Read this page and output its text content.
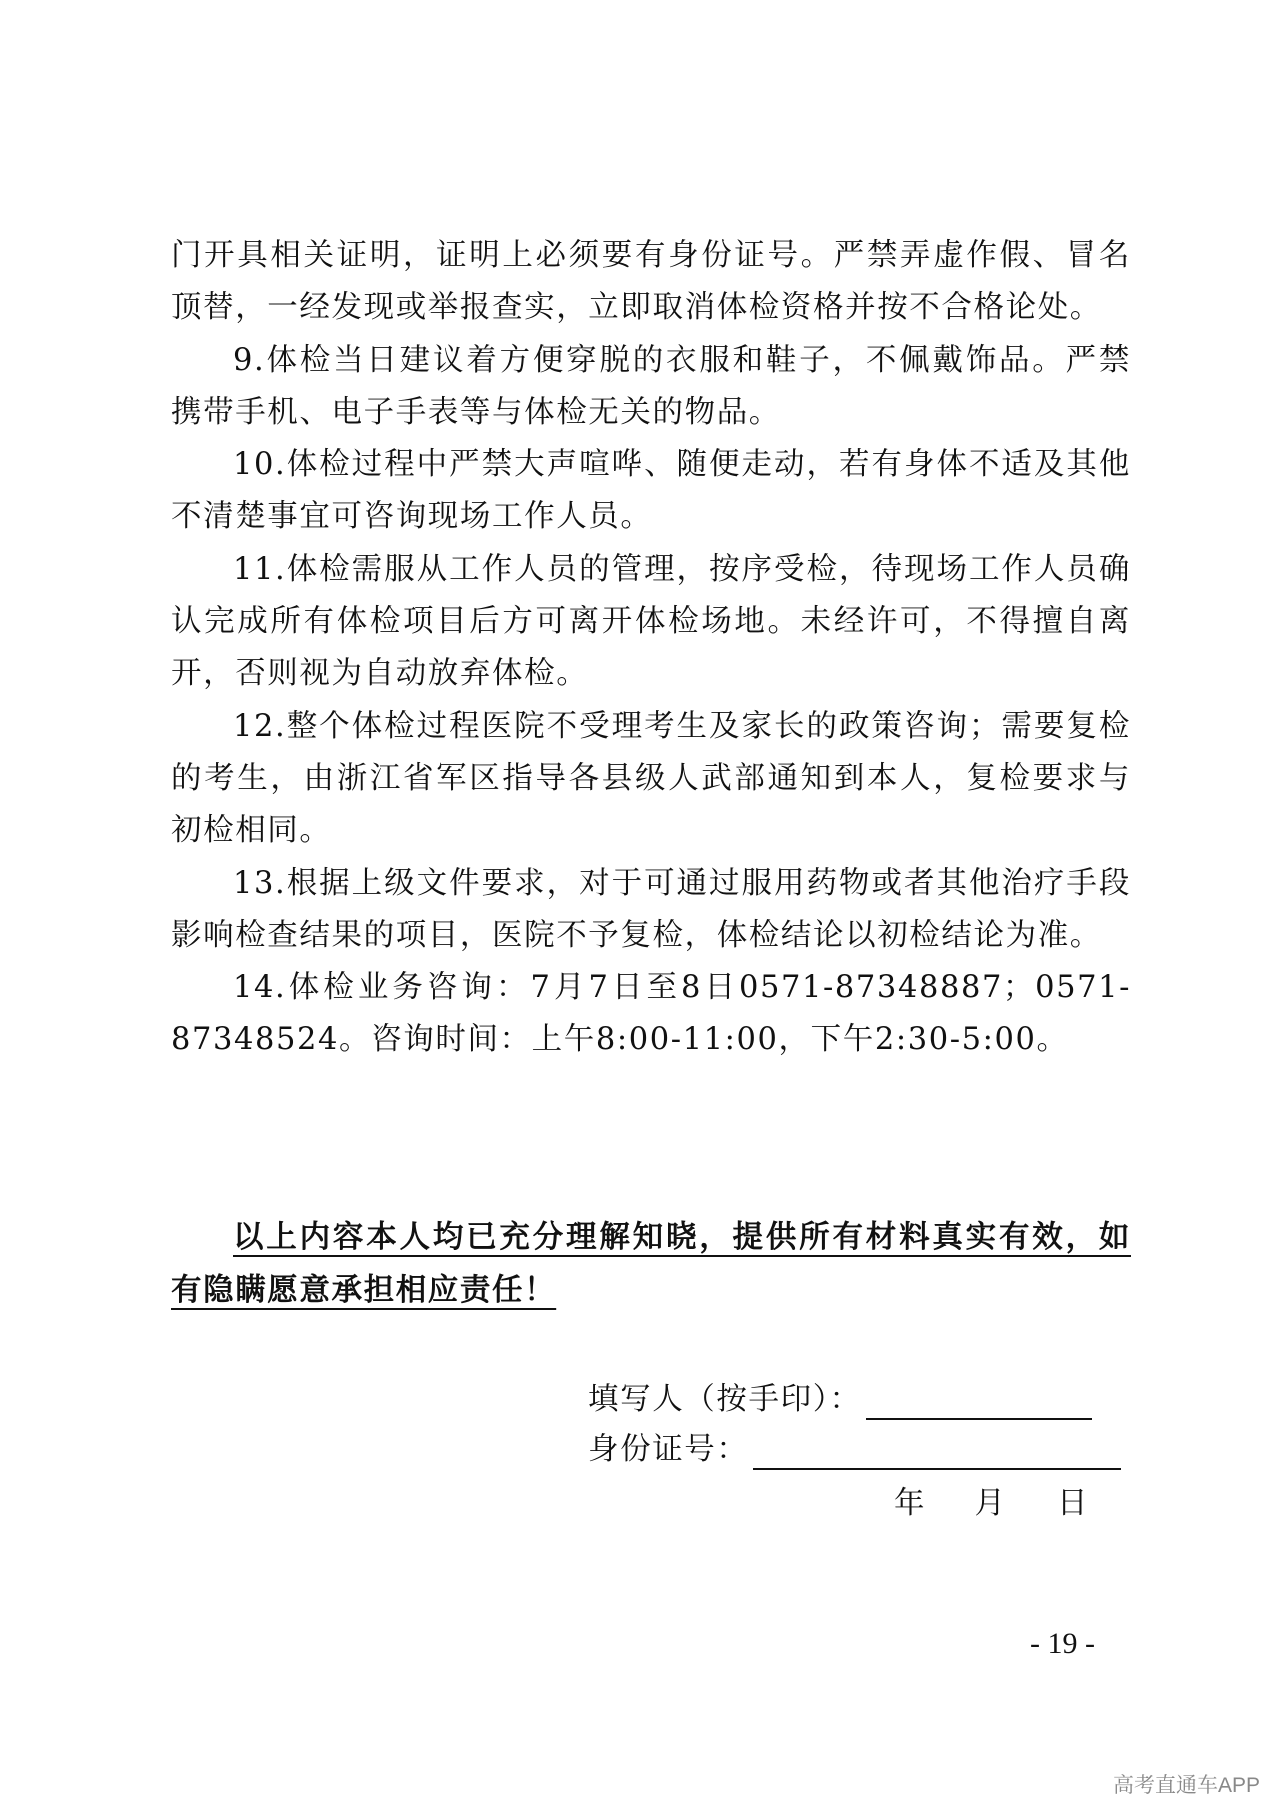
门开具相关证明，证明上必须要有身份证号。严禁弄虚作假、冒名顶替，一经发现或举报查实，立即取消体检资格并按不合格论处。

9.体检当日建议着方便穿脱的衣服和鞋子，不佩戴饰品。严禁携带手机、电子手表等与体检无关的物品。

10.体检过程中严禁大声喧哗、随便走动，若有身体不适及其他不清楚事宜可咨询现场工作人员。

11.体检需服从工作人员的管理，按序受检，待现场工作人员确认完成所有体检项目后方可离开体检场地。未经许可，不得擅自离开，否则视为自动放弃体检。

12.整个体检过程医院不受理考生及家长的政策咨询；需要复检的考生，由浙江省军区指导各县级人武部通知到本人，复检要求与初检相同。

13.根据上级文件要求，对于可通过服用药物或者其他治疗手段影响检查结果的项目，医院不予复检，体检结论以初检结论为准。

14.体检业务咨询：7月7日至8日0571-87348887；0571-87348524。咨询时间：上午8:00-11:00，下午2:30-5:00。

以上内容本人均已充分理解知晓，提供所有材料真实有效，如有隐瞒愿意承担相应责任！
填写人（按手印）：
身份证号：
年 月 日
- 19 -
高考直通车APP
